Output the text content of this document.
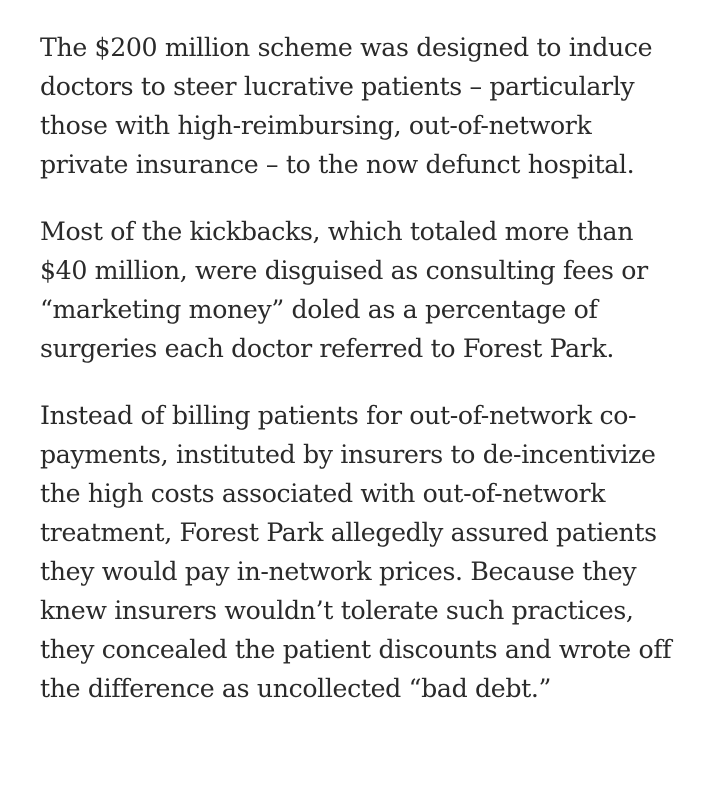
The $200 million scheme was designed to induce doctors to steer lucrative patients – particularly those with high-reimbursing, out-of-network private insurance – to the now defunct hospital.

Most of the kickbacks, which totaled more than $40 million, were disguised as consulting fees or “marketing money” doled as a percentage of surgeries each doctor referred to Forest Park.

Instead of billing patients for out-of-network co-payments, instituted by insurers to de-incentivize the high costs associated with out-of-network treatment, Forest Park allegedly assured patients they would pay in-network prices. Because they knew insurers wouldn’t tolerate such practices, they concealed the patient discounts and wrote off the difference as uncollected “bad debt.”
